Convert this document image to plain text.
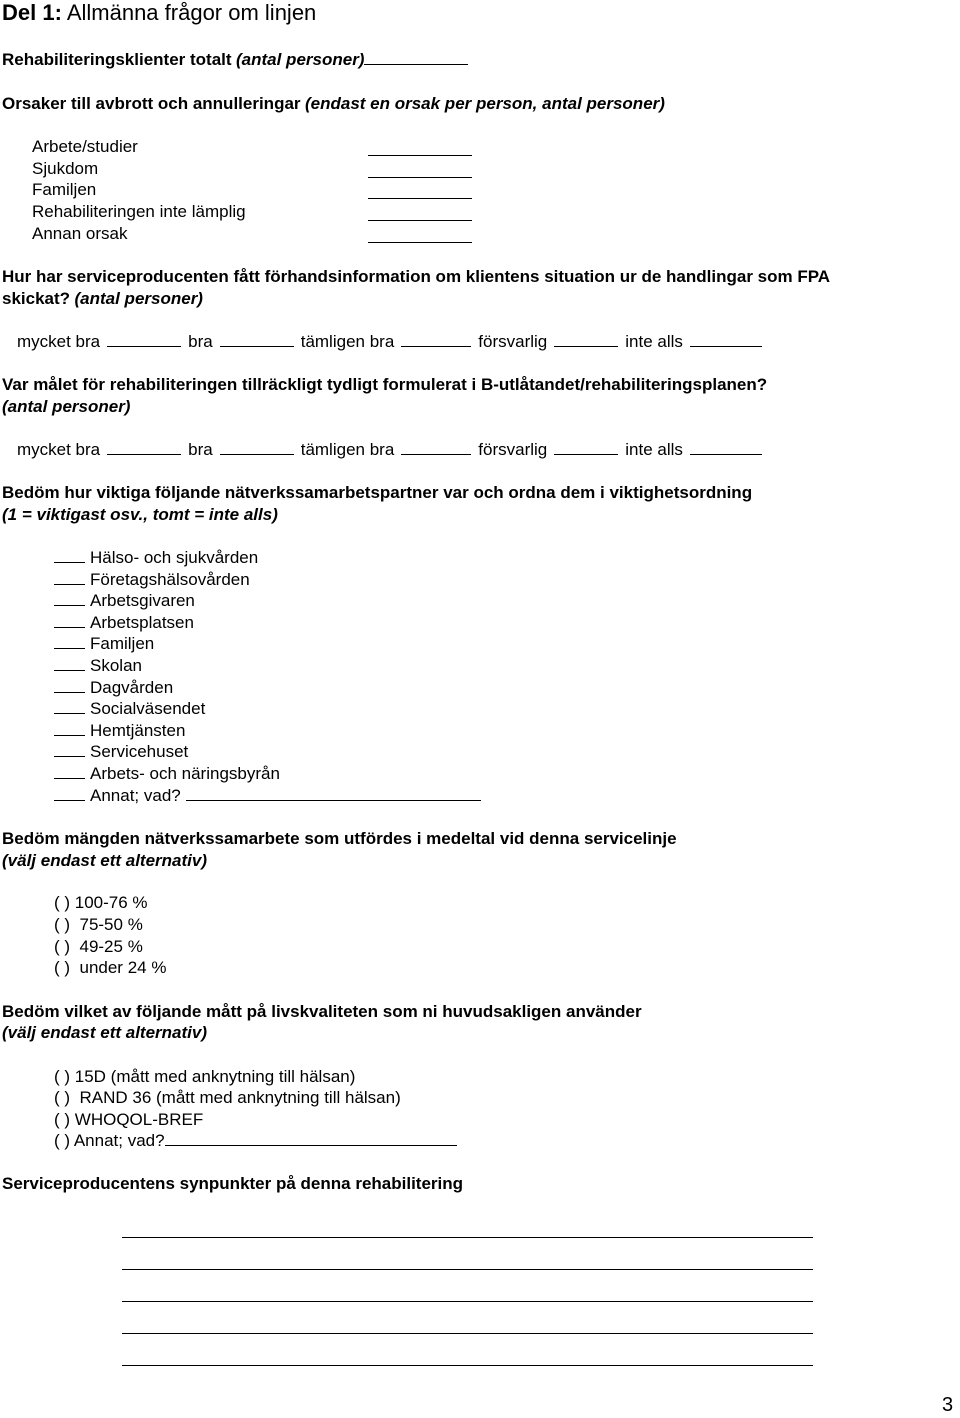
Del 1: Allmänna frågor om linjen
Rehabiliteringsklienter totalt (antal personer)
Orsaker till avbrott och annulleringar (endast en orsak per person, antal personer)
Arbete/studier
Sjukdom
Familjen
Rehabiliteringen inte lämplig
Annan orsak
Hur har serviceproducenten fått förhandsinformation om klientens situation ur de handlingar som FPA
skickat? (antal personer)
mycket bra	bra	tämligen bra	försvarlig	inte alls
Var målet för rehabiliteringen tillräckligt tydligt formulerat i B-utlåtandet/rehabiliteringsplanen?
(antal personer)
mycket bra	bra	tämligen bra	försvarlig	inte alls
Bedöm hur viktiga följande nätverkssamarbetspartner var och ordna dem i viktighetsordning
(1 = viktigast osv., tomt = inte alls)
Hälso- och sjukvården
Företagshälsovården
Arbetsgivaren
Arbetsplatsen
Familjen
Skolan
Dagvården
Socialväsendet
Hemtjänsten
Servicehuset
Arbets- och näringsbyrån
Annat; vad?
Bedöm mängden nätverkssamarbete som utfördes i medeltal vid denna servicelinje
(välj endast ett alternativ)
( ) 100-76 %
( )  75-50 %
( )  49-25 %
( )  under 24 %
Bedöm vilket av följande mått på livskvaliteten som ni huvudsakligen använder
(välj endast ett alternativ)
( ) 15D (mått med anknytning till hälsan)
( )  RAND 36 (mått med anknytning till hälsan)
( ) WHOQOL-BREF
( ) Annat; vad?
Serviceproducentens synpunkter på denna rehabilitering
3
